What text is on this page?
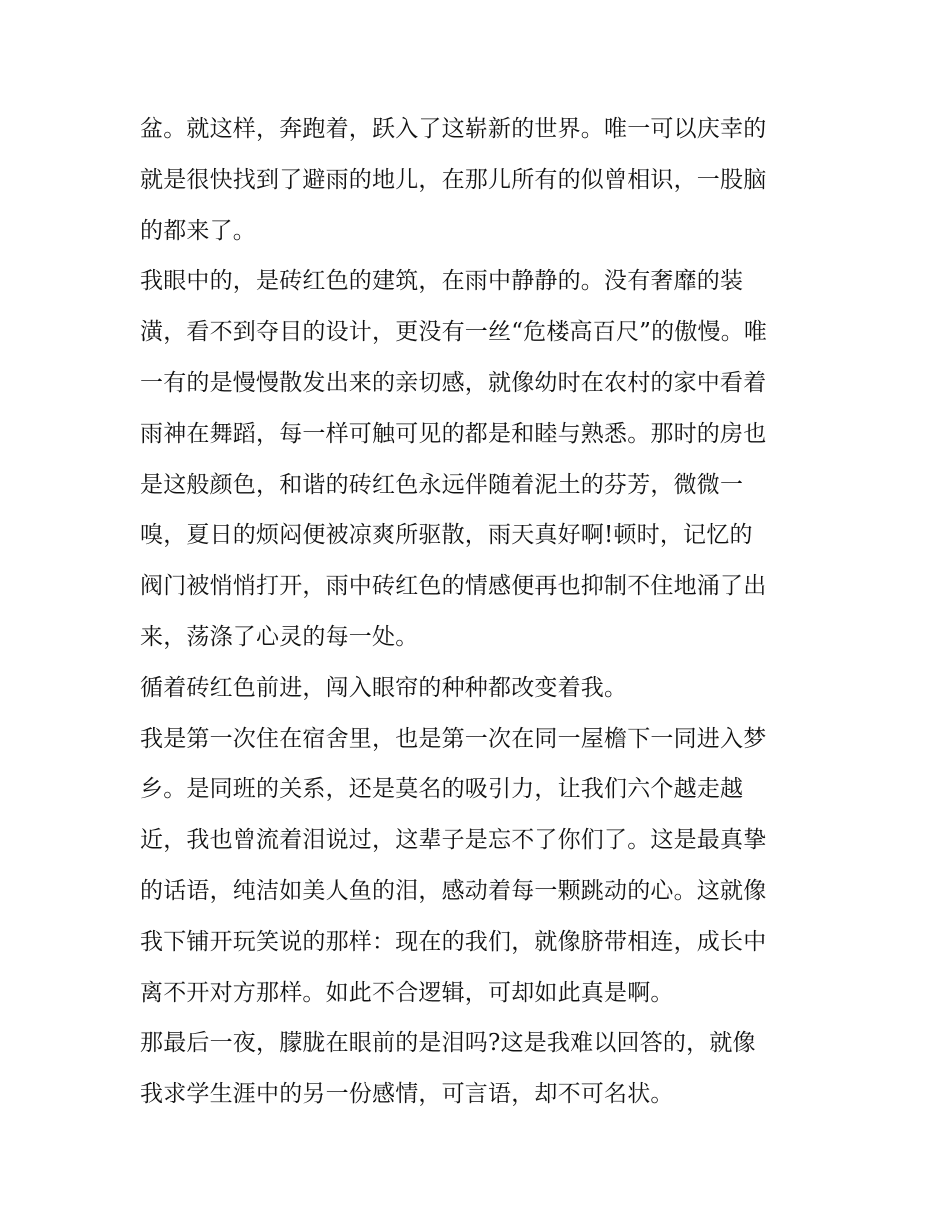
盆。就这样，奔跑着，跃入了这崭新的世界。唯一可以庆幸的
就是很快找到了避雨的地儿，在那儿所有的似曾相识，一股脑
的都来了。
我眼中的，是砖红色的建筑，在雨中静静的。没有奢靡的装
潢，看不到夺目的设计，更没有一丝“危楼高百尺”的傲慢。唯
一有的是慢慢散发出来的亲切感，就像幼时在农村的家中看着
雨神在舞蹈，每一样可触可见的都是和睦与熟悉。那时的房也
是这般颜色，和谐的砖红色永远伴随着泥土的芬芳，微微一
嗅，夏日的烦闷便被凉爽所驱散，雨天真好啊!顿时，记忆的
阀门被悄悄打开，雨中砖红色的情感便再也抑制不住地涌了出
来，荡涤了心灵的每一处。
循着砖红色前进，闯入眼帘的种种都改变着我。
我是第一次住在宿舍里，也是第一次在同一屋檐下一同进入梦
乡。是同班的关系，还是莫名的吸引力，让我们六个越走越
近，我也曾流着泪说过，这辈子是忘不了你们了。这是最真挚
的话语，纯洁如美人鱼的泪，感动着每一颗跳动的心。这就像
我下铺开玩笑说的那样：现在的我们，就像脐带相连，成长中
离不开对方那样。如此不合逻辑，可却如此真是啊。
那最后一夜，朦胧在眼前的是泪吗?这是我难以回答的，就像
我求学生涯中的另一份感情，可言语，却不可名状。
